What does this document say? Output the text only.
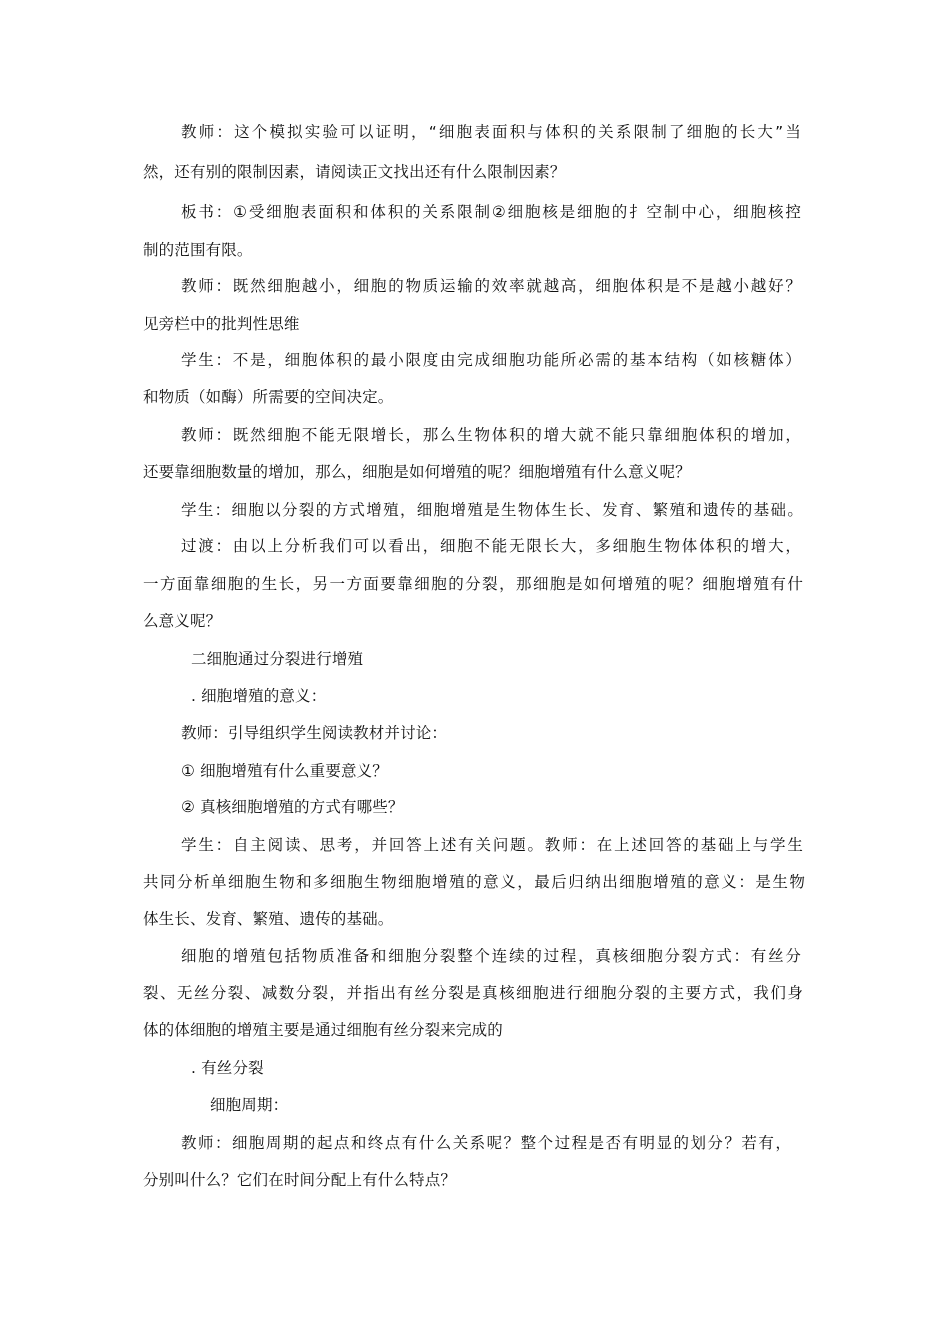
教师：这个模拟实验可以证明，“细胞表面积与体积的关系限制了细胞的长大”当

然，还有别的限制因素，请阅读正文找出还有什么限制因素？

板书：①受细胞表面积和体积的关系限制②细胞核是细胞的扌空制中心，细胞核控

制的范围有限。

教师：既然细胞越小，细胞的物质运输的效率就越高，细胞体积是不是越小越好？

见旁栏中的批判性思维

学生：不是，细胞体积的最小限度由完成细胞功能所必需的基本结构（如核糖体）

和物质（如酶）所需要的空间决定。

教师：既然细胞不能无限增长，那么生物体积的增大就不能只靠细胞体积的增加，

还要靠细胞数量的增加，那么，细胞是如何增殖的呢？细胞增殖有什么意义呢？

学生：细胞以分裂的方式增殖，细胞增殖是生物体生长、发育、繁殖和遗传的基础。

过渡：由以上分析我们可以看出，细胞不能无限长大，多细胞生物体体积的增大，

一方面靠细胞的生长，另一方面要靠细胞的分裂，那细胞是如何增殖的呢？细胞增殖有什

么意义呢？

二细胞通过分裂进行增殖

. 细胞增殖的意义：

教师：引导组织学生阅读教材并讨论：

① 细胞增殖有什么重要意义？

② 真核细胞增殖的方式有哪些？

学生：自主阅读、思考，并回答上述有关问题。教师：在上述回答的基础上与学生

共同分析单细胞生物和多细胞生物细胞增殖的意义，最后归纳出细胞增殖的意义：是生物

体生长、发育、繁殖、遗传的基础。

细胞的增殖包括物质准备和细胞分裂整个连续的过程，真核细胞分裂方式：有丝分

裂、无丝分裂、减数分裂，并指出有丝分裂是真核细胞进行细胞分裂的主要方式，我们身

体的体细胞的增殖主要是通过细胞有丝分裂来完成的

. 有丝分裂

细胞周期：

教师：细胞周期的起点和终点有什么关系呢？整个过程是否有明显的划分？若有，

分别叫什么？它们在时间分配上有什么特点？
